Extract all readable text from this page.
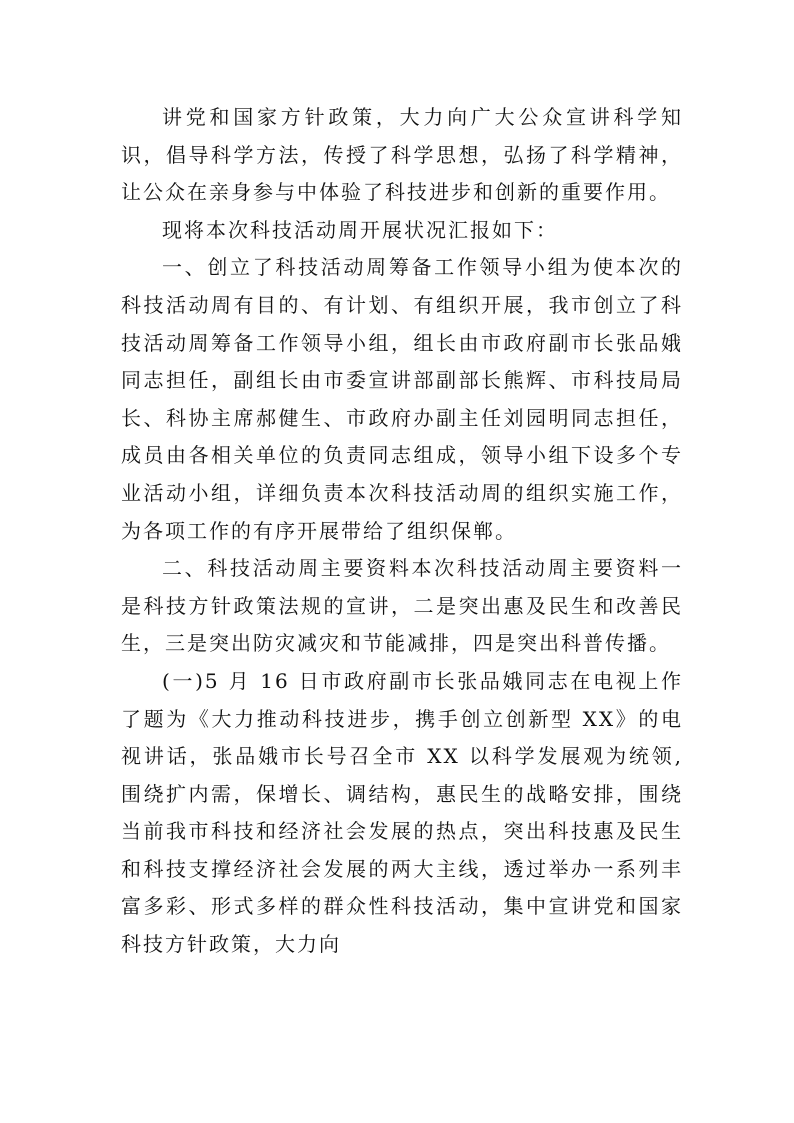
讲党和国家方针政策，大力向广大公众宣讲科学知识，倡导科学方法，传授了科学思想，弘扬了科学精神，让公众在亲身参与中体验了科技进步和创新的重要作用。

现将本次科技活动周开展状况汇报如下：

一、创立了科技活动周筹备工作领导小组为使本次的科技活动周有目的、有计划、有组织开展，我市创立了科技活动周筹备工作领导小组，组长由市政府副市长张品娥同志担任，副组长由市委宣讲部副部长熊辉、市科技局局长、科协主席郝健生、市政府办副主任刘园明同志担任，成员由各相关单位的负责同志组成，领导小组下设多个专业活动小组，详细负责本次科技活动周的组织实施工作，为各项工作的有序开展带给了组织保郸。

二、科技活动周主要资料本次科技活动周主要资料一是科技方针政策法规的宣讲，二是突出惠及民生和改善民生，三是突出防灾减灾和节能减排，四是突出科普传播。

(一)5 月 16 日市政府副市长张品娥同志在电视上作了题为《大力推动科技进步，携手创立创新型 XX》的电视讲话，张品娥市长号召全市 XX 以科学发展观为统领,围绕扩内需，保增长、调结构，惠民生的战略安排，围绕当前我市科技和经济社会发展的热点，突出科技惠及民生和科技支撑经济社会发展的两大主线，透过举办一系列丰富多彩、形式多样的群众性科技活动，集中宣讲党和国家科技方针政策，大力向
